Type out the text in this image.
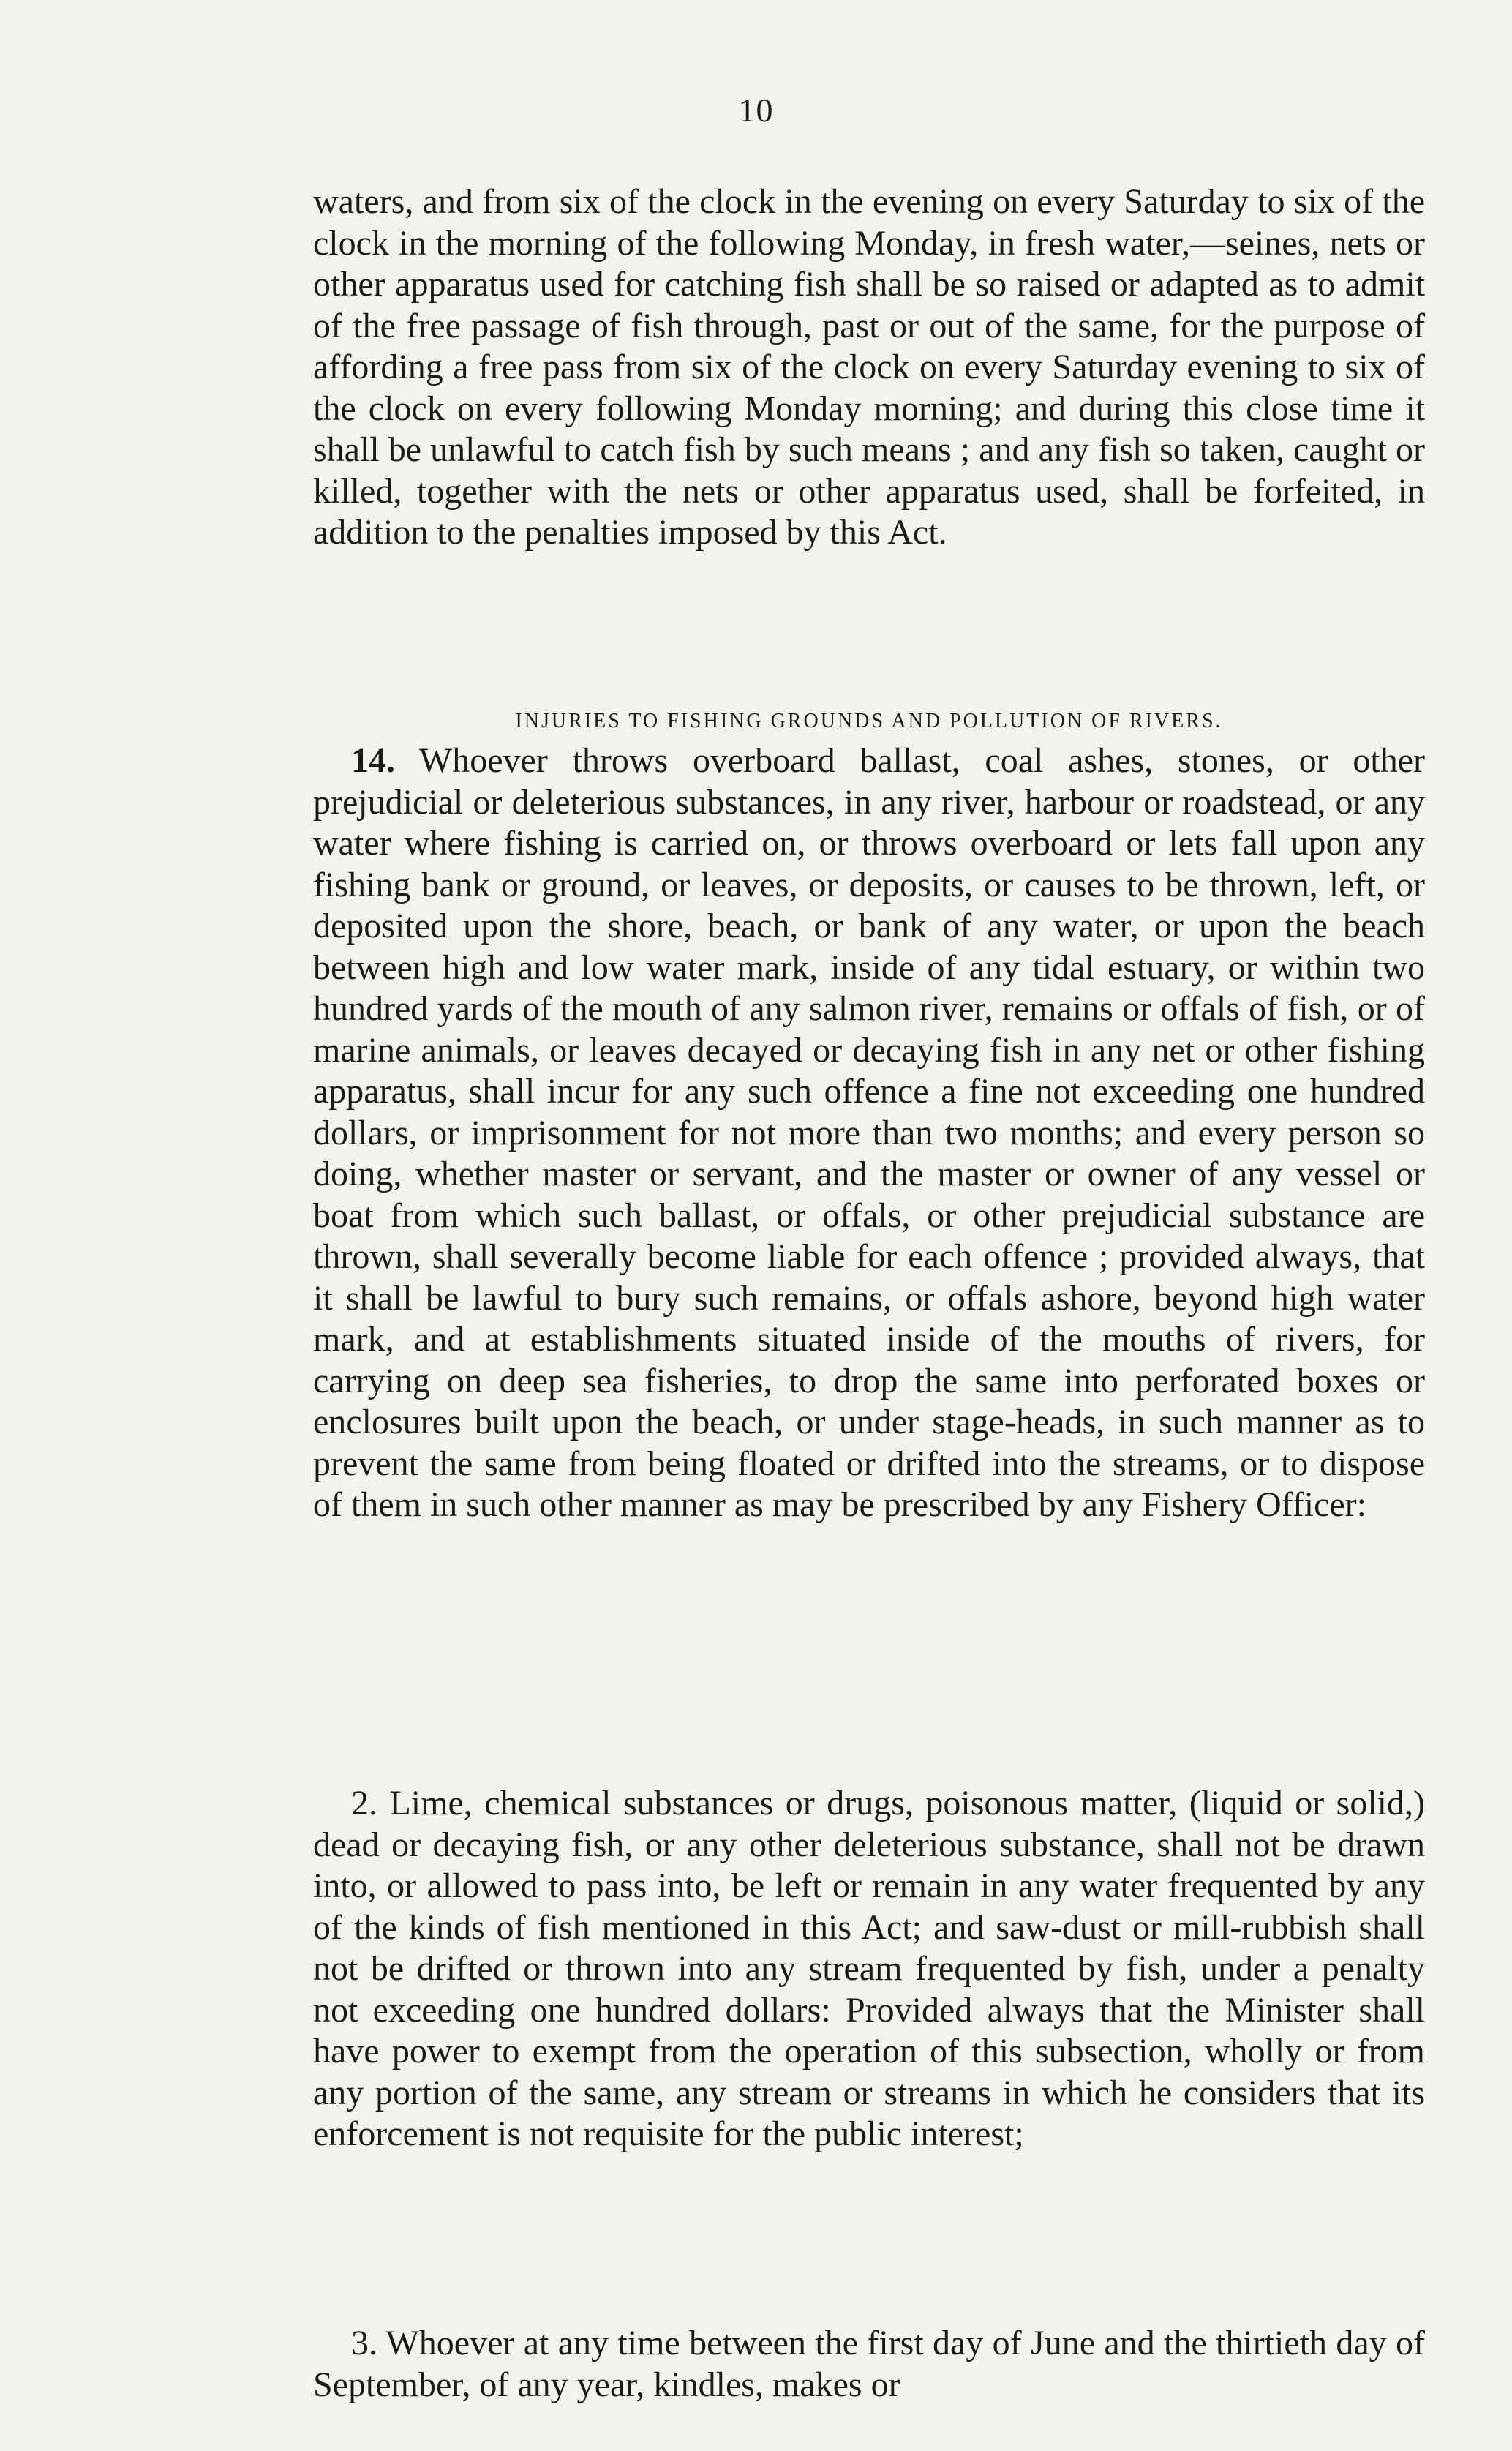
10

waters, and from six of the clock in the evening on every Saturday to six of the clock in the morning of the following Monday, in fresh water,—seines, nets or other apparatus used for catching fish shall be so raised or adapted as to admit of the free passage of fish through, past or out of the same, for the purpose of affording a free pass from six of the clock on every Saturday evening to six of the clock on every following Monday morning; and during this close time it shall be unlawful to catch fish by such means ; and any fish so taken, caught or killed, together with the nets or other apparatus used, shall be forfeited, in addition to the penalties imposed by this Act.

INJURIES TO FISHING GROUNDS AND POLLUTION OF RIVERS.

14. Whoever throws overboard ballast, coal ashes, stones, or other prejudicial or deleterious substances, in any river, harbour or roadstead, or any water where fishing is carried on, or throws overboard or lets fall upon any fishing bank or ground, or leaves, or deposits, or causes to be thrown, left, or deposited upon the shore, beach, or bank of any water, or upon the beach between high and low water mark, inside of any tidal estuary, or within two hundred yards of the mouth of any salmon river, remains or offals of fish, or of marine animals, or leaves decayed or decaying fish in any net or other fishing apparatus, shall incur for any such offence a fine not exceeding one hundred dollars, or imprisonment for not more than two months; and every person so doing, whether master or servant, and the master or owner of any vessel or boat from which such ballast, or offals, or other prejudicial substance are thrown, shall severally become liable for each offence ; provided always, that it shall be lawful to bury such remains, or offals ashore, beyond high water mark, and at establishments situated inside of the mouths of rivers, for carrying on deep sea fisheries, to drop the same into perforated boxes or enclosures built upon the beach, or under stage-heads, in such manner as to prevent the same from being floated or drifted into the streams, or to dispose of them in such other manner as may be prescribed by any Fishery Officer:

2. Lime, chemical substances or drugs, poisonous matter, (liquid or solid,) dead or decaying fish, or any other deleterious substance, shall not be drawn into, or allowed to pass into, be left or remain in any water frequented by any of the kinds of fish mentioned in this Act; and saw-dust or mill-rubbish shall not be drifted or thrown into any stream frequented by fish, under a penalty not exceeding one hundred dollars: Provided always that the Minister shall have power to exempt from the operation of this subsection, wholly or from any portion of the same, any stream or streams in which he considers that its enforcement is not requisite for the public interest;

3. Whoever at any time between the first day of June and the thirtieth day of September, of any year, kindles, makes or
